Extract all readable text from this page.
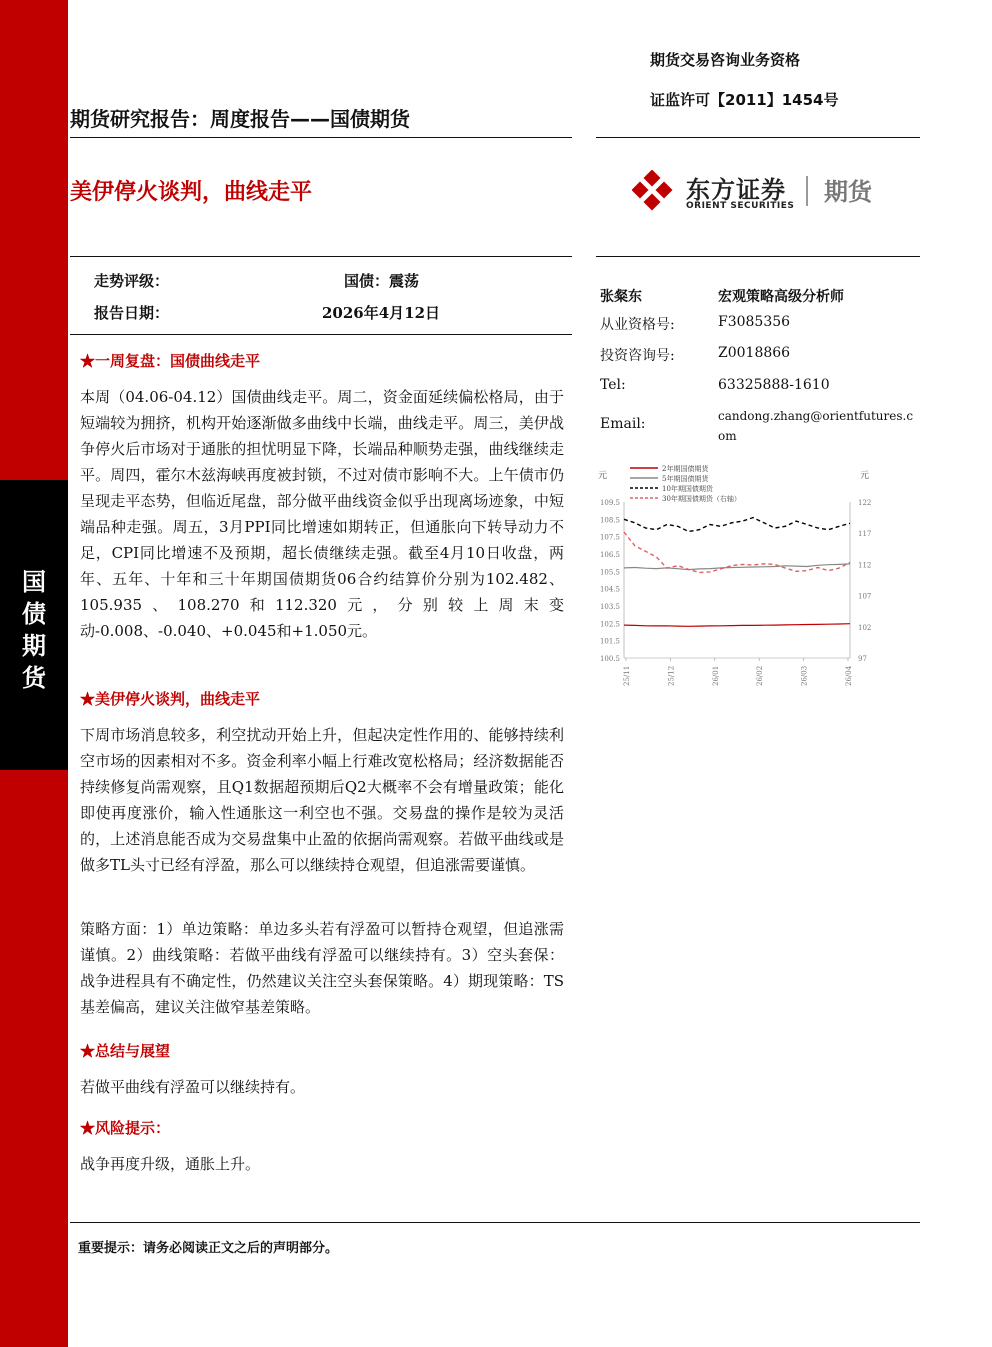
国
债
期
货
期货交易咨询业务资格
证监许可【2011】1454号
期货研究报告：周度报告——国债期货
美伊停火谈判，曲线走平	东方证券
ORIENT SECURITIES 期货
走势评级：	国债：震荡
报告日期：	2026年4月12日
张粲东	宏观策略高级分析师
从业资格号:	F3085356
投资咨询号:	Z0018866
Tel:	63325888-1610
Email:	candong.zhang@orientfutures.com
元	元
100.5
101.5
102.5
103.5
104.5
105.5
106.5
107.5
108.5
109.5
97
102
107
112
117
122
25/11	25/12	26/01	26/02	26/03	26/04
2年期国债期货
5年期国债期货
10年期国债期货
30年期国债期货（右轴）
★一周复盘：国债曲线走平
本周（04.06-04.12）国债曲线走平。周二，资金面延续偏松格局，由于短端较为拥挤，机构开始逐渐做多曲线中长端，曲线走平。周三，美伊战争停火后市场对于通胀的担忧明显下降，长端品种顺势走强，曲线继续走平。周四，霍尔木兹海峡再度被封锁，不过对债市影响不大。上午债市仍呈现走平态势，但临近尾盘，部分做平曲线资金似乎出现离场迹象，中短端品种走强。周五，3月PPI同比增速如期转正，但通胀向下转导动力不足，CPI同比增速不及预期，超长债继续走强。截至4月10日收盘，两年、五年、十年和三十年期国债期货06合约结算价分别为102.482、105.935、108.270和112.320元，分别较上周末变动-0.008、-0.040、+0.045和+1.050元。
★美伊停火谈判，曲线走平
下周市场消息较多，利空扰动开始上升，但起决定性作用的、能够持续利空市场的因素相对不多。资金利率小幅上行难改宽松格局；经济数据能否持续修复尚需观察，且Q1数据超预期后Q2大概率不会有增量政策；能化即使再度涨价，输入性通胀这一利空也不强。交易盘的操作是较为灵活的，上述消息能否成为交易盘集中止盈的依据尚需观察。若做平曲线或是做多TL头寸已经有浮盈，那么可以继续持仓观望，但追涨需要谨慎。
策略方面：1）单边策略：单边多头若有浮盈可以暂持仓观望，但追涨需谨慎。2）曲线策略：若做平曲线有浮盈可以继续持有。3）空头套保：战争进程具有不确定性，仍然建议关注空头套保策略。4）期现策略：TS基差偏高，建议关注做窄基差策略。
★总结与展望
若做平曲线有浮盈可以继续持有。
★风险提示：
战争再度升级，通胀上升。
重要提示：请务必阅读正文之后的声明部分。
